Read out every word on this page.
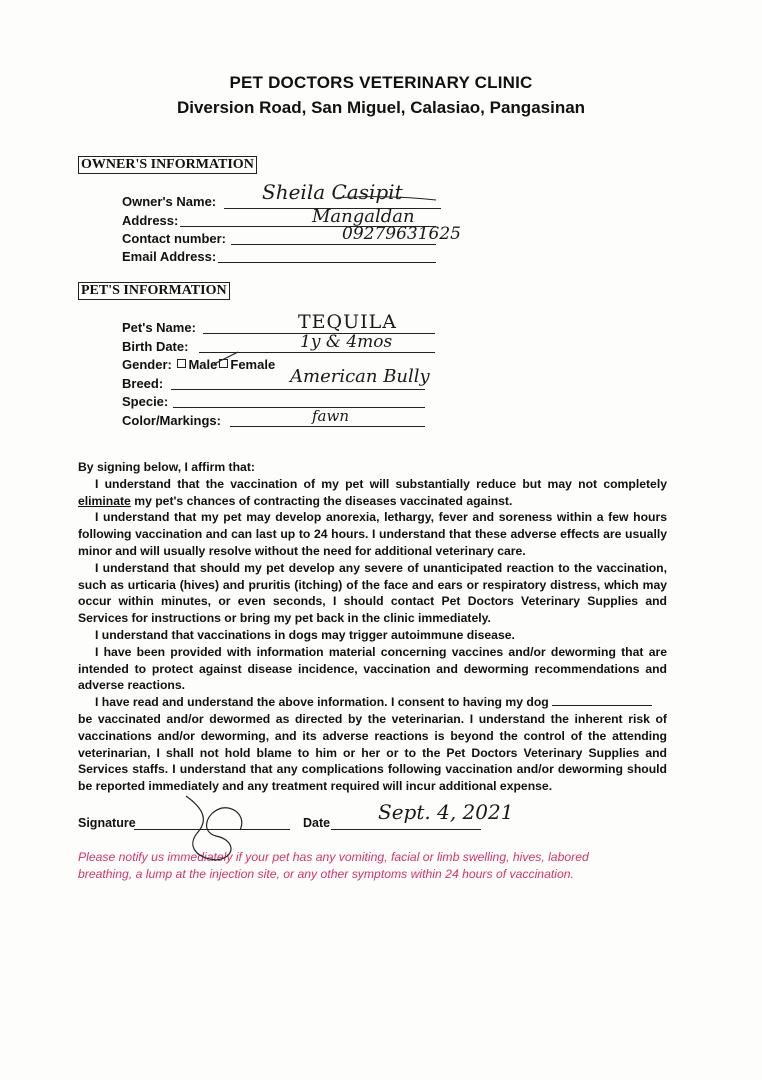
PET DOCTORS VETERINARY CLINIC
Diversion Road, San Miguel, Calasiao, Pangasinan
OWNER'S INFORMATION
Owner's Name: Sheila Casipit
Address:	Mangaldan
Contact number:	09279631625
Email Address:
PET'S INFORMATION
Pet's Name:	TEQUILA
Birth Date:	1y & 4mos
Gender: Male Female
Breed:	American Bully
Specie:
Color/Markings:	fawn

By signing below, I affirm that:

I understand that the vaccination of my pet will substantially reduce but may not completely eliminate my pet's chances of contracting the diseases vaccinated against.

I understand that my pet may develop anorexia, lethargy, fever and soreness within a few hours following vaccination and can last up to 24 hours. I understand that these adverse effects are usually minor and will usually resolve without the need for additional veterinary care.

I understand that should my pet develop any severe of unanticipated reaction to the vaccination, such as urticaria (hives) and pruritis (itching) of the face and ears or respiratory distress, which may occur within minutes, or even seconds, I should contact Pet Doctors Veterinary Supplies and Services for instructions or bring my pet back in the clinic immediately.

I understand that vaccinations in dogs may trigger autoimmune disease.

I have been provided with information material concerning vaccines and/or deworming that are intended to protect against disease incidence, vaccination and deworming recommendations and adverse reactions.

I have read and understand the above information. I consent to having my dog
be vaccinated and/or dewormed as directed by the veterinarian. I understand the inherent risk of vaccinations and/or deworming, and its adverse reactions is beyond the control of the attending veterinarian, I shall not hold blame to him or her or to the Pet Doctors Veterinary Supplies and Services staffs. I understand that any complications following vaccination and/or deworming should be reported immediately and any treatment required will incur additional expense.

Signature	Date Sept. 4, 2021
Please notify us immediately if your pet has any vomiting, facial or limb swelling, hives, labored breathing, a lump at the injection site, or any other symptoms within 24 hours of vaccination.
